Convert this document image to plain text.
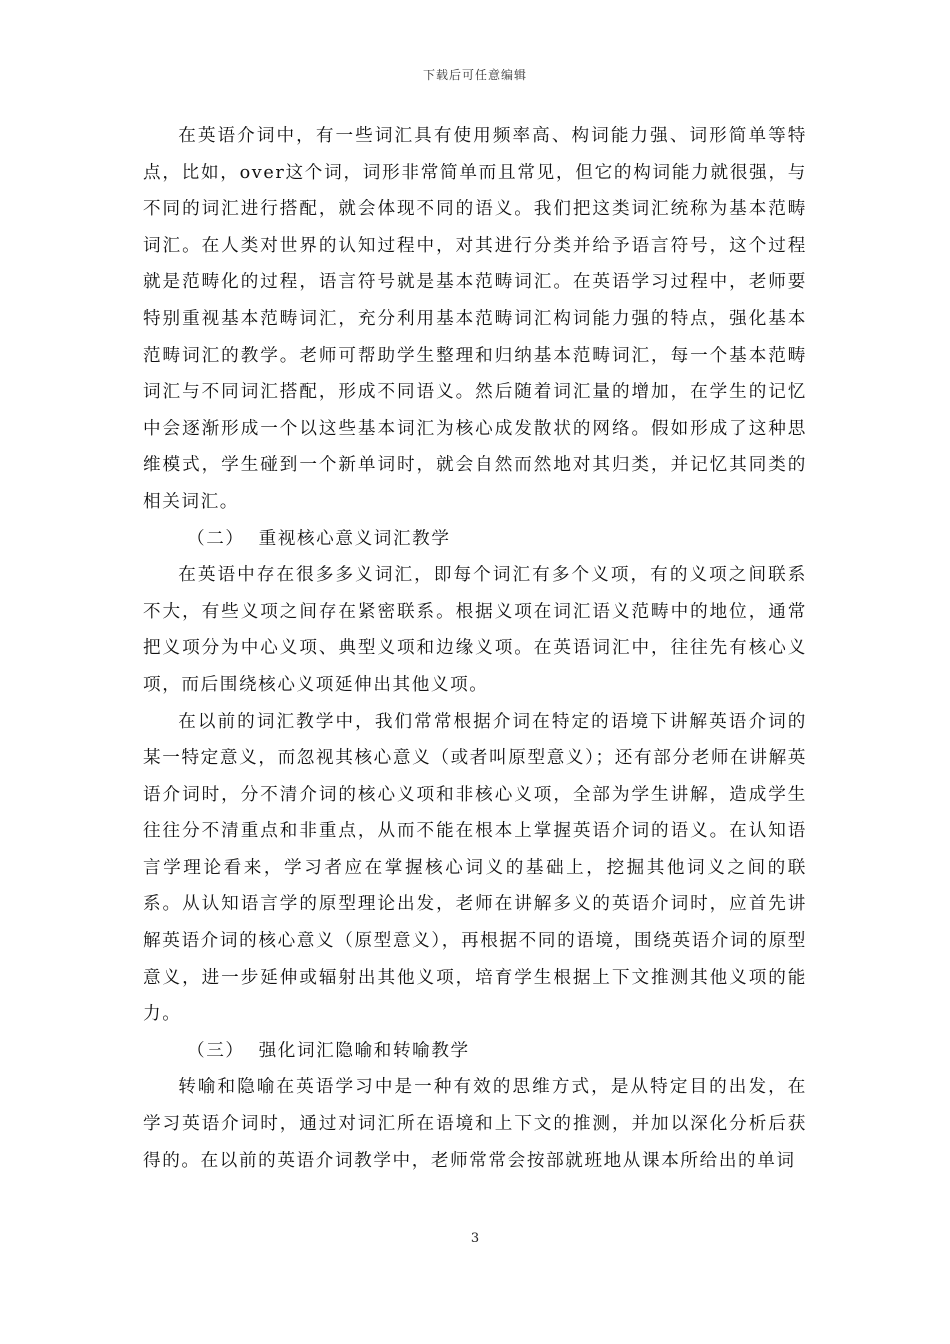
下载后可任意编辑

在英语介词中，有一些词汇具有使用频率高、构词能力强、词形简单等特点，比如，over这个词，词形非常简单而且常见，但它的构词能力就很强，与不同的词汇进行搭配，就会体现不同的语义。我们把这类词汇统称为基本范畴词汇。在人类对世界的认知过程中，对其进行分类并给予语言符号，这个过程就是范畴化的过程，语言符号就是基本范畴词汇。在英语学习过程中，老师要特别重视基本范畴词汇，充分利用基本范畴词汇构词能力强的特点，强化基本范畴词汇的教学。老师可帮助学生整理和归纳基本范畴词汇，每一个基本范畴词汇与不同词汇搭配，形成不同语义。然后随着词汇量的增加，在学生的记忆中会逐渐形成一个以这些基本词汇为核心成发散状的网络。假如形成了这种思维模式，学生碰到一个新单词时，就会自然而然地对其归类，并记忆其同类的相关词汇。

（二） 重视核心意义词汇教学

在英语中存在很多多义词汇，即每个词汇有多个义项，有的义项之间联系不大，有些义项之间存在紧密联系。根据义项在词汇语义范畴中的地位，通常把义项分为中心义项、典型义项和边缘义项。在英语词汇中，往往先有核心义项，而后围绕核心义项延伸出其他义项。

在以前的词汇教学中，我们常常根据介词在特定的语境下讲解英语介词的某一特定意义，而忽视其核心意义（或者叫原型意义）；还有部分老师在讲解英语介词时，分不清介词的核心义项和非核心义项，全部为学生讲解，造成学生往往分不清重点和非重点，从而不能在根本上掌握英语介词的语义。在认知语言学理论看来，学习者应在掌握核心词义的基础上，挖掘其他词义之间的联系。从认知语言学的原型理论出发，老师在讲解多义的英语介词时，应首先讲解英语介词的核心意义（原型意义），再根据不同的语境，围绕英语介词的原型意义，进一步延伸或辐射出其他义项，培育学生根据上下文推测其他义项的能力。

（三） 强化词汇隐喻和转喻教学

转喻和隐喻在英语学习中是一种有效的思维方式，是从特定目的出发，在学习英语介词时，通过对词汇所在语境和上下文的推测，并加以深化分析后获得的。在以前的英语介词教学中，老师常常会按部就班地从课本所给出的单词

3
